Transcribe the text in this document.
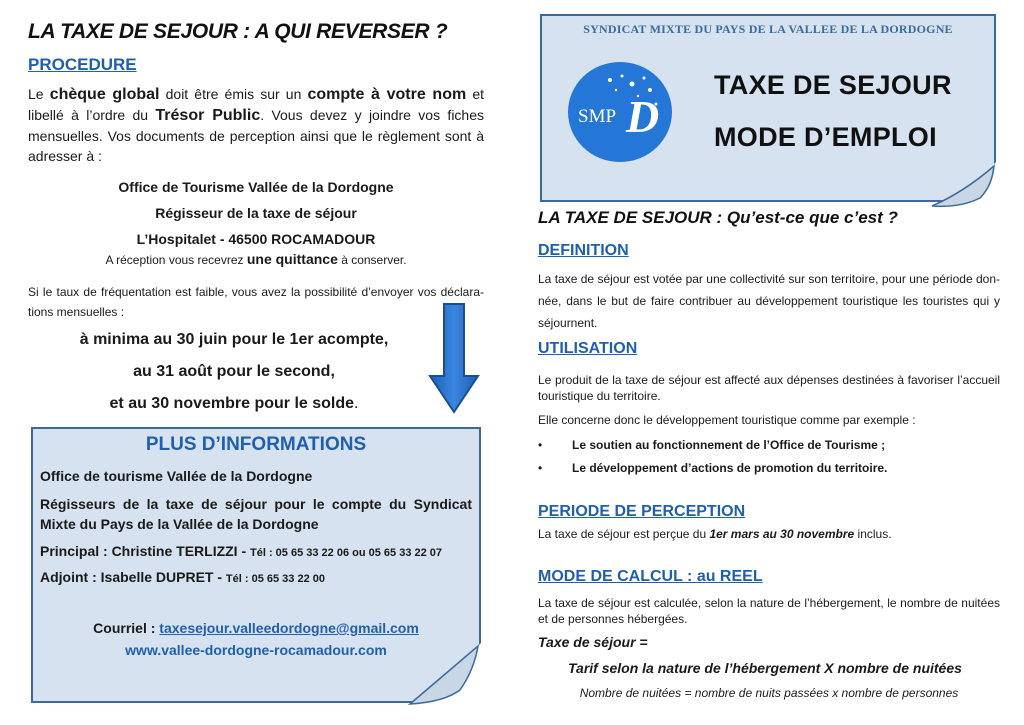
LA TAXE DE SEJOUR : A QUI REVERSER ?
PROCEDURE
Le chèque global doit être émis sur un compte à votre nom et libellé à l’ordre du Trésor Public. Vous devez y joindre vos fiches mensuelles. Vos documents de perception ainsi que le règlement sont à adresser à :
Office de Tourisme Vallée de la Dordogne
Régisseur de la taxe de séjour
L’Hospitalet - 46500 ROCAMADOUR
A réception vous recevrez une quittance à conserver.
Si le taux de fréquentation est faible, vous avez la possibilité d’envoyer vos déclara-tions mensuelles :
à minima au 30 juin pour le 1er acompte,
au 31 août pour le second,
et au 30 novembre pour le solde.
PLUS D’INFORMATIONS
Office de tourisme Vallée de la Dordogne
Régisseurs de la taxe de séjour pour le compte du Syndicat Mixte du Pays de la Vallée de la Dordogne
Principal : Christine TERLIZZI - Tél : 05 65 33 22 06 ou 05 65 33 22 07
Adjoint : Isabelle DUPRET - Tél : 05 65 33 22 00
Courriel : taxesejour.valleedordogne@gmail.com
www.vallee-dordogne-rocamadour.com
SYNDICAT MIXTE DU PAYS DE LA VALLEE DE LA DORDOGNE
SMP D
TAXE DE SEJOUR
MODE D’EMPLOI
LA TAXE DE SEJOUR : Qu’est-ce que c’est ?
DEFINITION
La taxe de séjour est votée par une collectivité sur son territoire, pour une période don-née, dans le but de faire contribuer au développement touristique les touristes qui y séjournent.
UTILISATION
Le produit de la taxe de séjour est affecté aux dépenses destinées à favoriser l’accueil touristique du territoire.
Elle concerne donc le développement touristique comme par exemple :
• Le soutien au fonctionnement de l’Office de Tourisme ;
• Le développement d’actions de promotion du territoire.
PERIODE DE PERCEPTION
La taxe de séjour est perçue du 1er mars au 30 novembre inclus.
MODE DE CALCUL : au REEL
La taxe de séjour est calculée, selon la nature de l’hébergement, le nombre de nuitées et de personnes hébergées.
Taxe de séjour =
Tarif selon la nature de l’hébergement X nombre de nuitées
Nombre de nuitées = nombre de nuits passées x nombre de personnes
